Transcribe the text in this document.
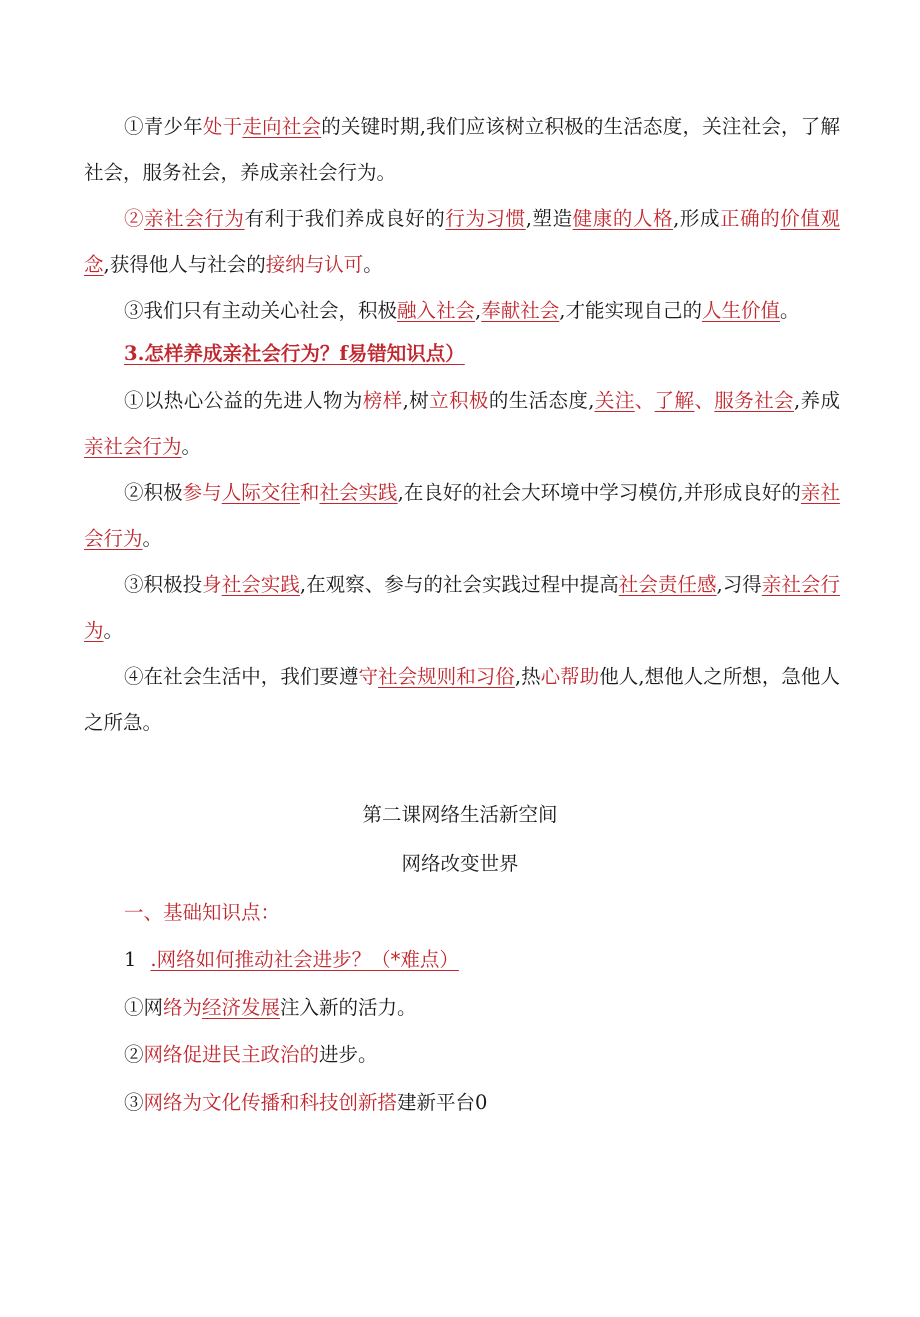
①青少年处于走向社会的关键时期,我们应该树立积极的生活态度，关注社会，了解社会，服务社会，养成亲社会行为。

②亲社会行为有利于我们养成良好的行为习惯,塑造健康的人格,形成正确的价值观念,获得他人与社会的接纳与认可。

③我们只有主动关心社会，积极融入社会,奉献社会,才能实现自己的人生价值。

3.怎样养成亲社会行为？f易错知识点）

①以热心公益的先进人物为榜样,树立积极的生活态度,关注、了解、服务社会,养成亲社会行为。

②积极参与人际交往和社会实践,在良好的社会大环境中学习模仿,并形成良好的亲社会行为。

③积极投身社会实践,在观察、参与的社会实践过程中提高社会责任感,习得亲社会行为。

④在社会生活中，我们要遵守社会规则和习俗,热心帮助他人,想他人之所想，急他人之所急。

第二课网络生活新空间

网络改变世界

一、基础知识点：

1 .网络如何推动社会进步？（*难点）

①网络为经济发展注入新的活力。

②网络促进民主政治的进步。

③网络为文化传播和科技创新搭建新平台0
